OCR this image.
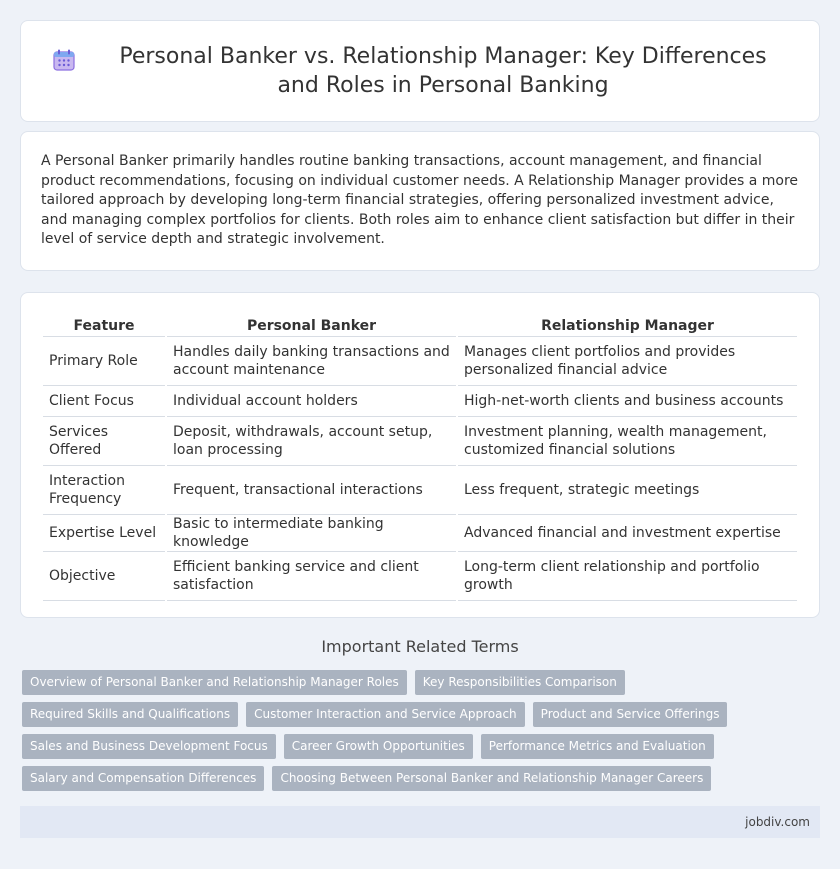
Personal Banker vs. Relationship Manager: Key Differences and Roles in Personal Banking

A Personal Banker primarily handles routine banking transactions, account management, and financial product recommendations, focusing on individual customer needs. A Relationship Manager provides a more tailored approach by developing long-term financial strategies, offering personalized investment advice, and managing complex portfolios for clients. Both roles aim to enhance client satisfaction but differ in their level of service depth and strategic involvement.

Feature	Personal Banker	Relationship Manager
Primary Role	Handles daily banking transactions and account maintenance	Manages client portfolios and provides personalized financial advice
Client Focus	Individual account holders	High-net-worth clients and business accounts
Services Offered	Deposit, withdrawals, account setup, loan processing	Investment planning, wealth management, customized financial solutions
Interaction Frequency	Frequent, transactional interactions	Less frequent, strategic meetings
Expertise Level	Basic to intermediate banking knowledge	Advanced financial and investment expertise
Objective	Efficient banking service and client satisfaction	Long-term client relationship and portfolio growth
Important Related Terms
Overview of Personal Banker and Relationship Manager Roles	Key Responsibilities Comparison
Required Skills and Qualifications	Customer Interaction and Service Approach	Product and Service Offerings
Sales and Business Development Focus	Career Growth Opportunities	Performance Metrics and Evaluation
Salary and Compensation Differences	Choosing Between Personal Banker and Relationship Manager Careers
jobdiv.com
